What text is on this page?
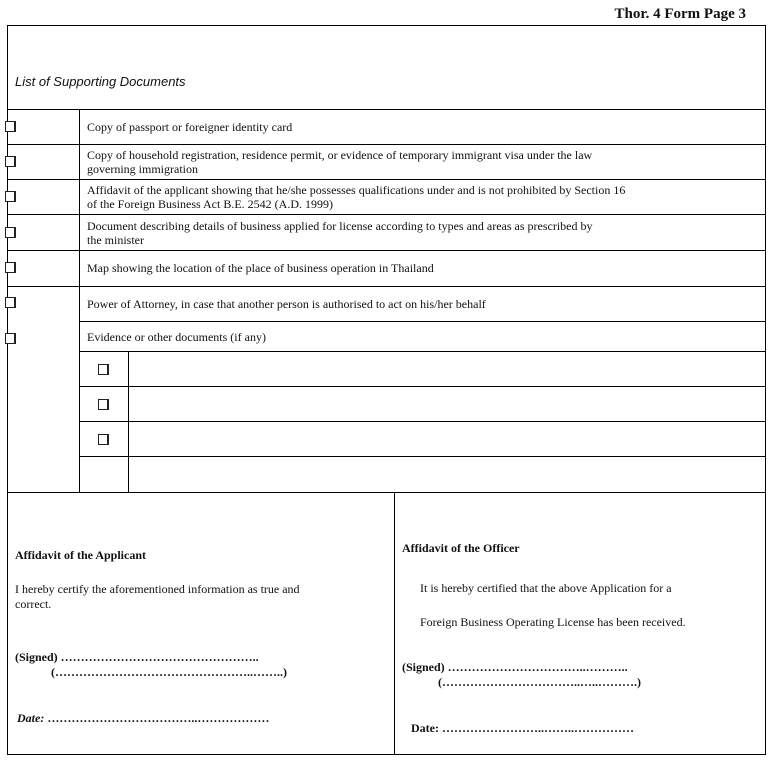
Thor. 4 Form Page 3
List of Supporting Documents
Copy of passport or foreigner identity card
Copy of household registration, residence permit, or evidence of temporary immigrant visa under the law
governing immigration
Affidavit of the applicant showing that he/she possesses qualifications under and is not prohibited by Section 16
of the Foreign Business Act B.E. 2542 (A.D. 1999)
Document describing details of business applied for license according to types and areas as prescribed by
the minister
Map showing the location of the place of business operation in Thailand
Power of Attorney, in case that another person is authorised to act on his/her behalf
Evidence or other documents (if any)
Affidavit of the Applicant
I hereby certify the aforementioned information as true and
correct.
(Signed) …………………………………………..
(…………………………………………..……..)
Date: ………………………………..………………
Affidavit of the Officer
It is hereby certified that the above Application for a
Foreign Business Operating License has been received.
(Signed) ……………………………..………..
(……………………………..…..……….)
Date: ……………………..……..……………
